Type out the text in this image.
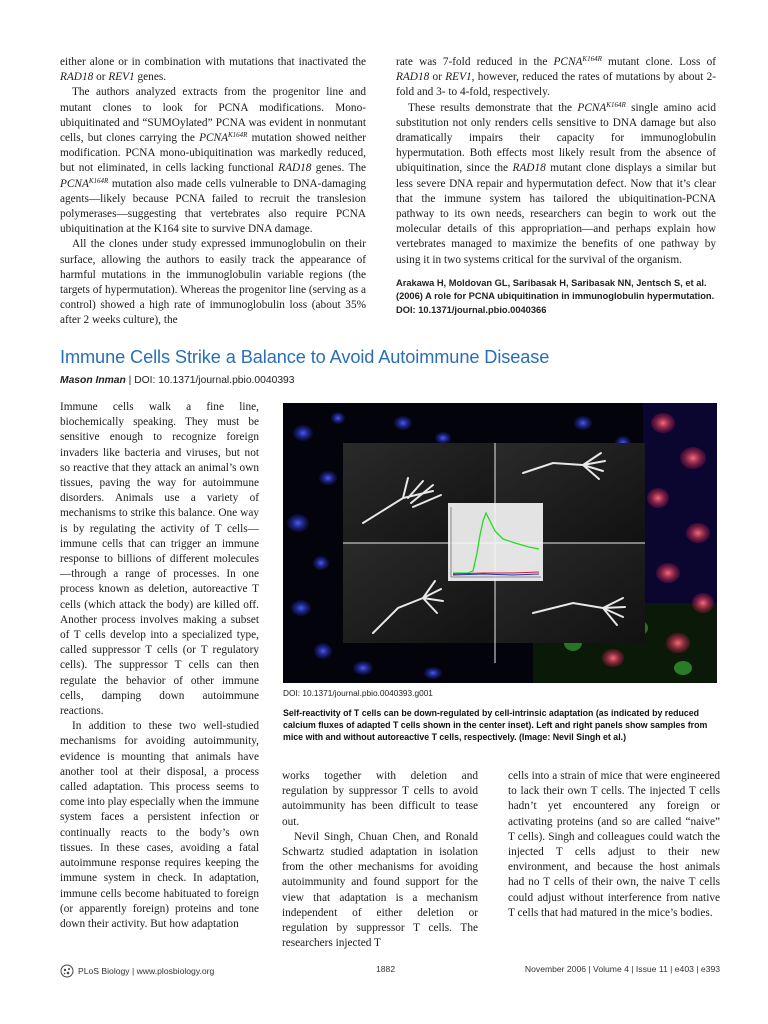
either alone or in combination with mutations that inactivated the RAD18 or REV1 genes.

The authors analyzed extracts from the progenitor line and mutant clones to look for PCNA modifications. Mono-ubiquitinated and “SUMOylated” PCNA was evident in nonmutant cells, but clones carrying the $PCNA^{K164R}$ mutation showed neither modification. PCNA mono-ubiquitination was markedly reduced, but not eliminated, in cells lacking functional RAD18 genes. The $PCNA^{K164R}$ mutation also made cells vulnerable to DNA-damaging agents—likely because PCNA failed to recruit the translesion polymerases—suggesting that vertebrates also require PCNA ubiquitination at the K164 site to survive DNA damage.

All the clones under study expressed immunoglobulin on their surface, allowing the authors to easily track the appearance of harmful mutations in the immunoglobulin variable regions (the targets of hypermutation). Whereas the progenitor line (serving as a control) showed a high rate of immunoglobulin loss (about 35% after 2 weeks culture), the

rate was 7-fold reduced in the $PCNA^{K164R}$ mutant clone. Loss of RAD18 or REV1, however, reduced the rates of mutations by about 2-fold and 3- to 4-fold, respectively.

These results demonstrate that the $PCNA^{K164R}$ single amino acid substitution not only renders cells sensitive to DNA damage but also dramatically impairs their capacity for immunoglobulin hypermutation. Both effects most likely result from the absence of ubiquitination, since the RAD18 mutant clone displays a similar but less severe DNA repair and hypermutation defect. Now that it’s clear that the immune system has tailored the ubiquitination-PCNA pathway to its own needs, researchers can begin to work out the molecular details of this appropriation—and perhaps explain how vertebrates managed to maximize the benefits of one pathway by using it in two systems critical for the survival of the organism.

Arakawa H, Moldovan GL, Saribasak H, Saribasak NN, Jentsch S, et al. (2006) A role for PCNA ubiquitination in immunoglobulin hypermutation. DOI: 10.1371/journal.pbio.0040366

Immune Cells Strike a Balance to Avoid Autoimmune Disease
Mason Inman | DOI: 10.1371/journal.pbio.0040393

Immune cells walk a fine line, biochemically speaking. They must be sensitive enough to recognize foreign invaders like bacteria and viruses, but not so reactive that they attack an animal’s own tissues, paving the way for autoimmune disorders. Animals use a variety of mechanisms to strike this balance. One way is by regulating the activity of T cells—immune cells that can trigger an immune response to billions of different molecules—through a range of processes. In one process known as deletion, autoreactive T cells (which attack the body) are killed off. Another process involves making a subset of T cells develop into a specialized type, called suppressor T cells (or T regulatory cells). The suppressor T cells can then regulate the behavior of other immune cells, damping down autoimmune reactions.

In addition to these two well-studied mechanisms for avoiding autoimmunity, evidence is mounting that animals have another tool at their disposal, a process called adaptation. This process seems to come into play especially when the immune system faces a persistent infection or continually reacts to the body’s own tissues. In these cases, avoiding a fatal autoimmune response requires keeping the immune system in check. In adaptation, immune cells become habituated to foreign (or apparently foreign) proteins and tone down their activity. But how adaptation

works together with deletion and regulation by suppressor T cells to avoid autoimmunity has been difficult to tease out.

Nevil Singh, Chuan Chen, and Ronald Schwartz studied adaptation in isolation from the other mechanisms for avoiding autoimmunity and found support for the view that adaptation is a mechanism independent of either deletion or regulation by suppressor T cells. The researchers injected T

cells into a strain of mice that were engineered to lack their own T cells. The injected T cells hadn’t yet encountered any foreign or activating proteins (and so are called “naive” T cells). Singh and colleagues could watch the injected T cells adjust to their new environment, and because the host animals had no T cells of their own, the naive T cells could adjust without interference from native T cells that had matured in the mice’s bodies.

DOI: 10.1371/journal.pbio.0040393.g001
Self-reactivity of T cells can be down-regulated by cell-intrinsic adaptation (as indicated by reduced calcium fluxes of adapted T cells shown in the center inset). Left and right panels show samples from mice with and without autoreactive T cells, respectively. (Image: Nevil Singh et al.)
PLoS Biology | www.plosbiology.org	1882	November 2006 | Volume 4 | Issue 11 | e403 | e393
